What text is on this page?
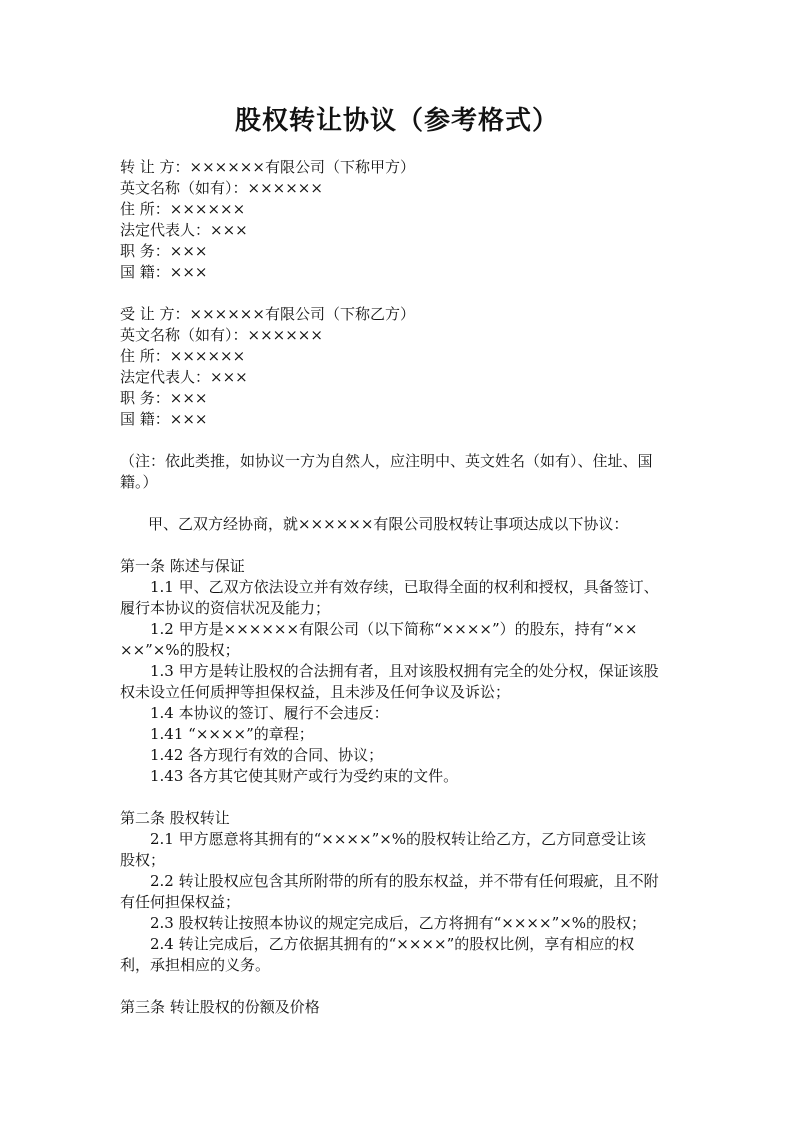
股权转让协议（参考格式）
转 让 方：××××××有限公司（下称甲方）
英文名称（如有）：××××××
住 所：××××××
法定代表人：×××
职 务：×××
国 籍：×××
受 让 方：××××××有限公司（下称乙方）
英文名称（如有）：××××××
住 所：××××××
法定代表人：×××
职 务：×××
国 籍：×××
（注：依此类推，如协议一方为自然人，应注明中、英文姓名（如有）、住址、国
籍。）
甲、乙双方经协商，就××××××有限公司股权转让事项达成以下协议：
第一条 陈述与保证
1.1 甲、乙双方依法设立并有效存续，已取得全面的权利和授权，具备签订、
履行本协议的资信状况及能力；
1.2 甲方是××××××有限公司（以下简称“××××”）的股东，持有“××
××”×%的股权；
1.3 甲方是转让股权的合法拥有者，且对该股权拥有完全的处分权，保证该股
权未设立任何质押等担保权益，且未涉及任何争议及诉讼；
1.4 本协议的签订、履行不会违反：
1.41 “××××”的章程；
1.42 各方现行有效的合同、协议；
1.43 各方其它使其财产或行为受约束的文件。
第二条 股权转让
2.1 甲方愿意将其拥有的“××××”×%的股权转让给乙方，乙方同意受让该
股权；
2.2 转让股权应包含其所附带的所有的股东权益，并不带有任何瑕疵，且不附
有任何担保权益；
2.3 股权转让按照本协议的规定完成后，乙方将拥有“××××”×%的股权；
2.4 转让完成后，乙方依据其拥有的“××××”的股权比例，享有相应的权
利，承担相应的义务。
第三条 转让股权的份额及价格
